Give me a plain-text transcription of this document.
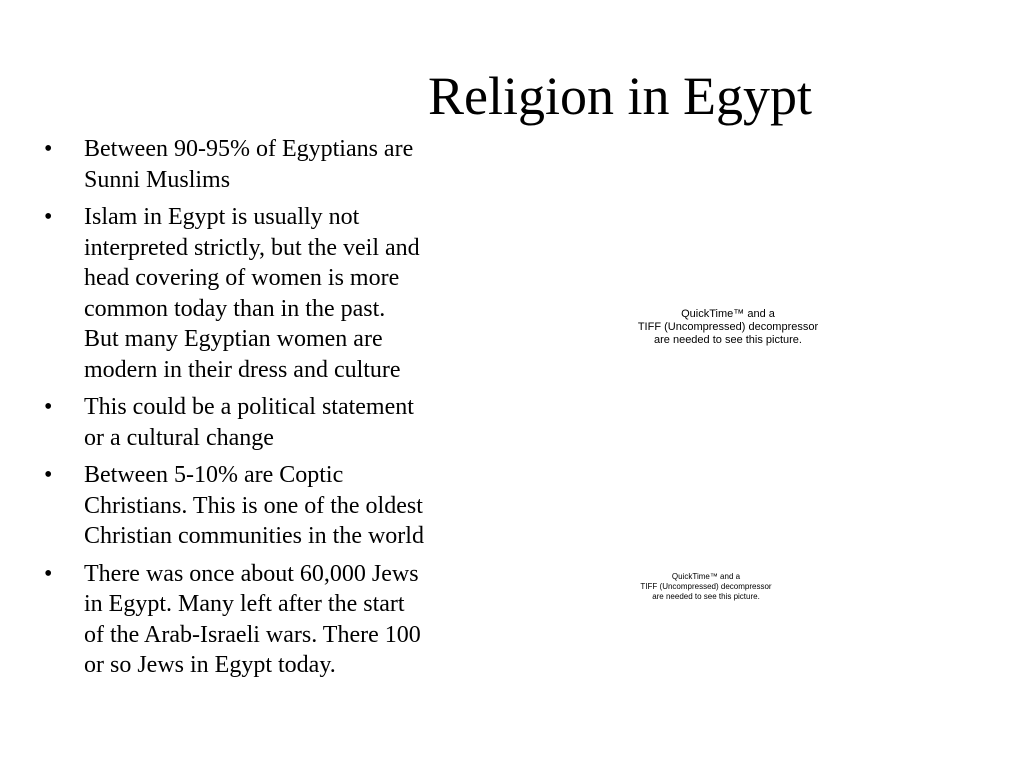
Religion in Egypt
•	Between 90-95% of Egyptians are
Sunni Muslims
•	Islam in Egypt is usually not
interpreted strictly, but the veil and
head covering of women is more
common today than in the past.
But many Egyptian women are
modern in their dress and culture
•	This could be a political statement
or a cultural change
•	Between 5-10% are Coptic
Christians. This is one of the oldest
Christian communities in the world
•	There was once about 60,000 Jews
in Egypt. Many left after the start
of the Arab-Israeli wars. There 100
or so Jews in Egypt today.
QuickTime™ and a
TIFF (Uncompressed) decompressor
are needed to see this picture.
QuickTime™ and a
TIFF (Uncompressed) decompressor
are needed to see this picture.
